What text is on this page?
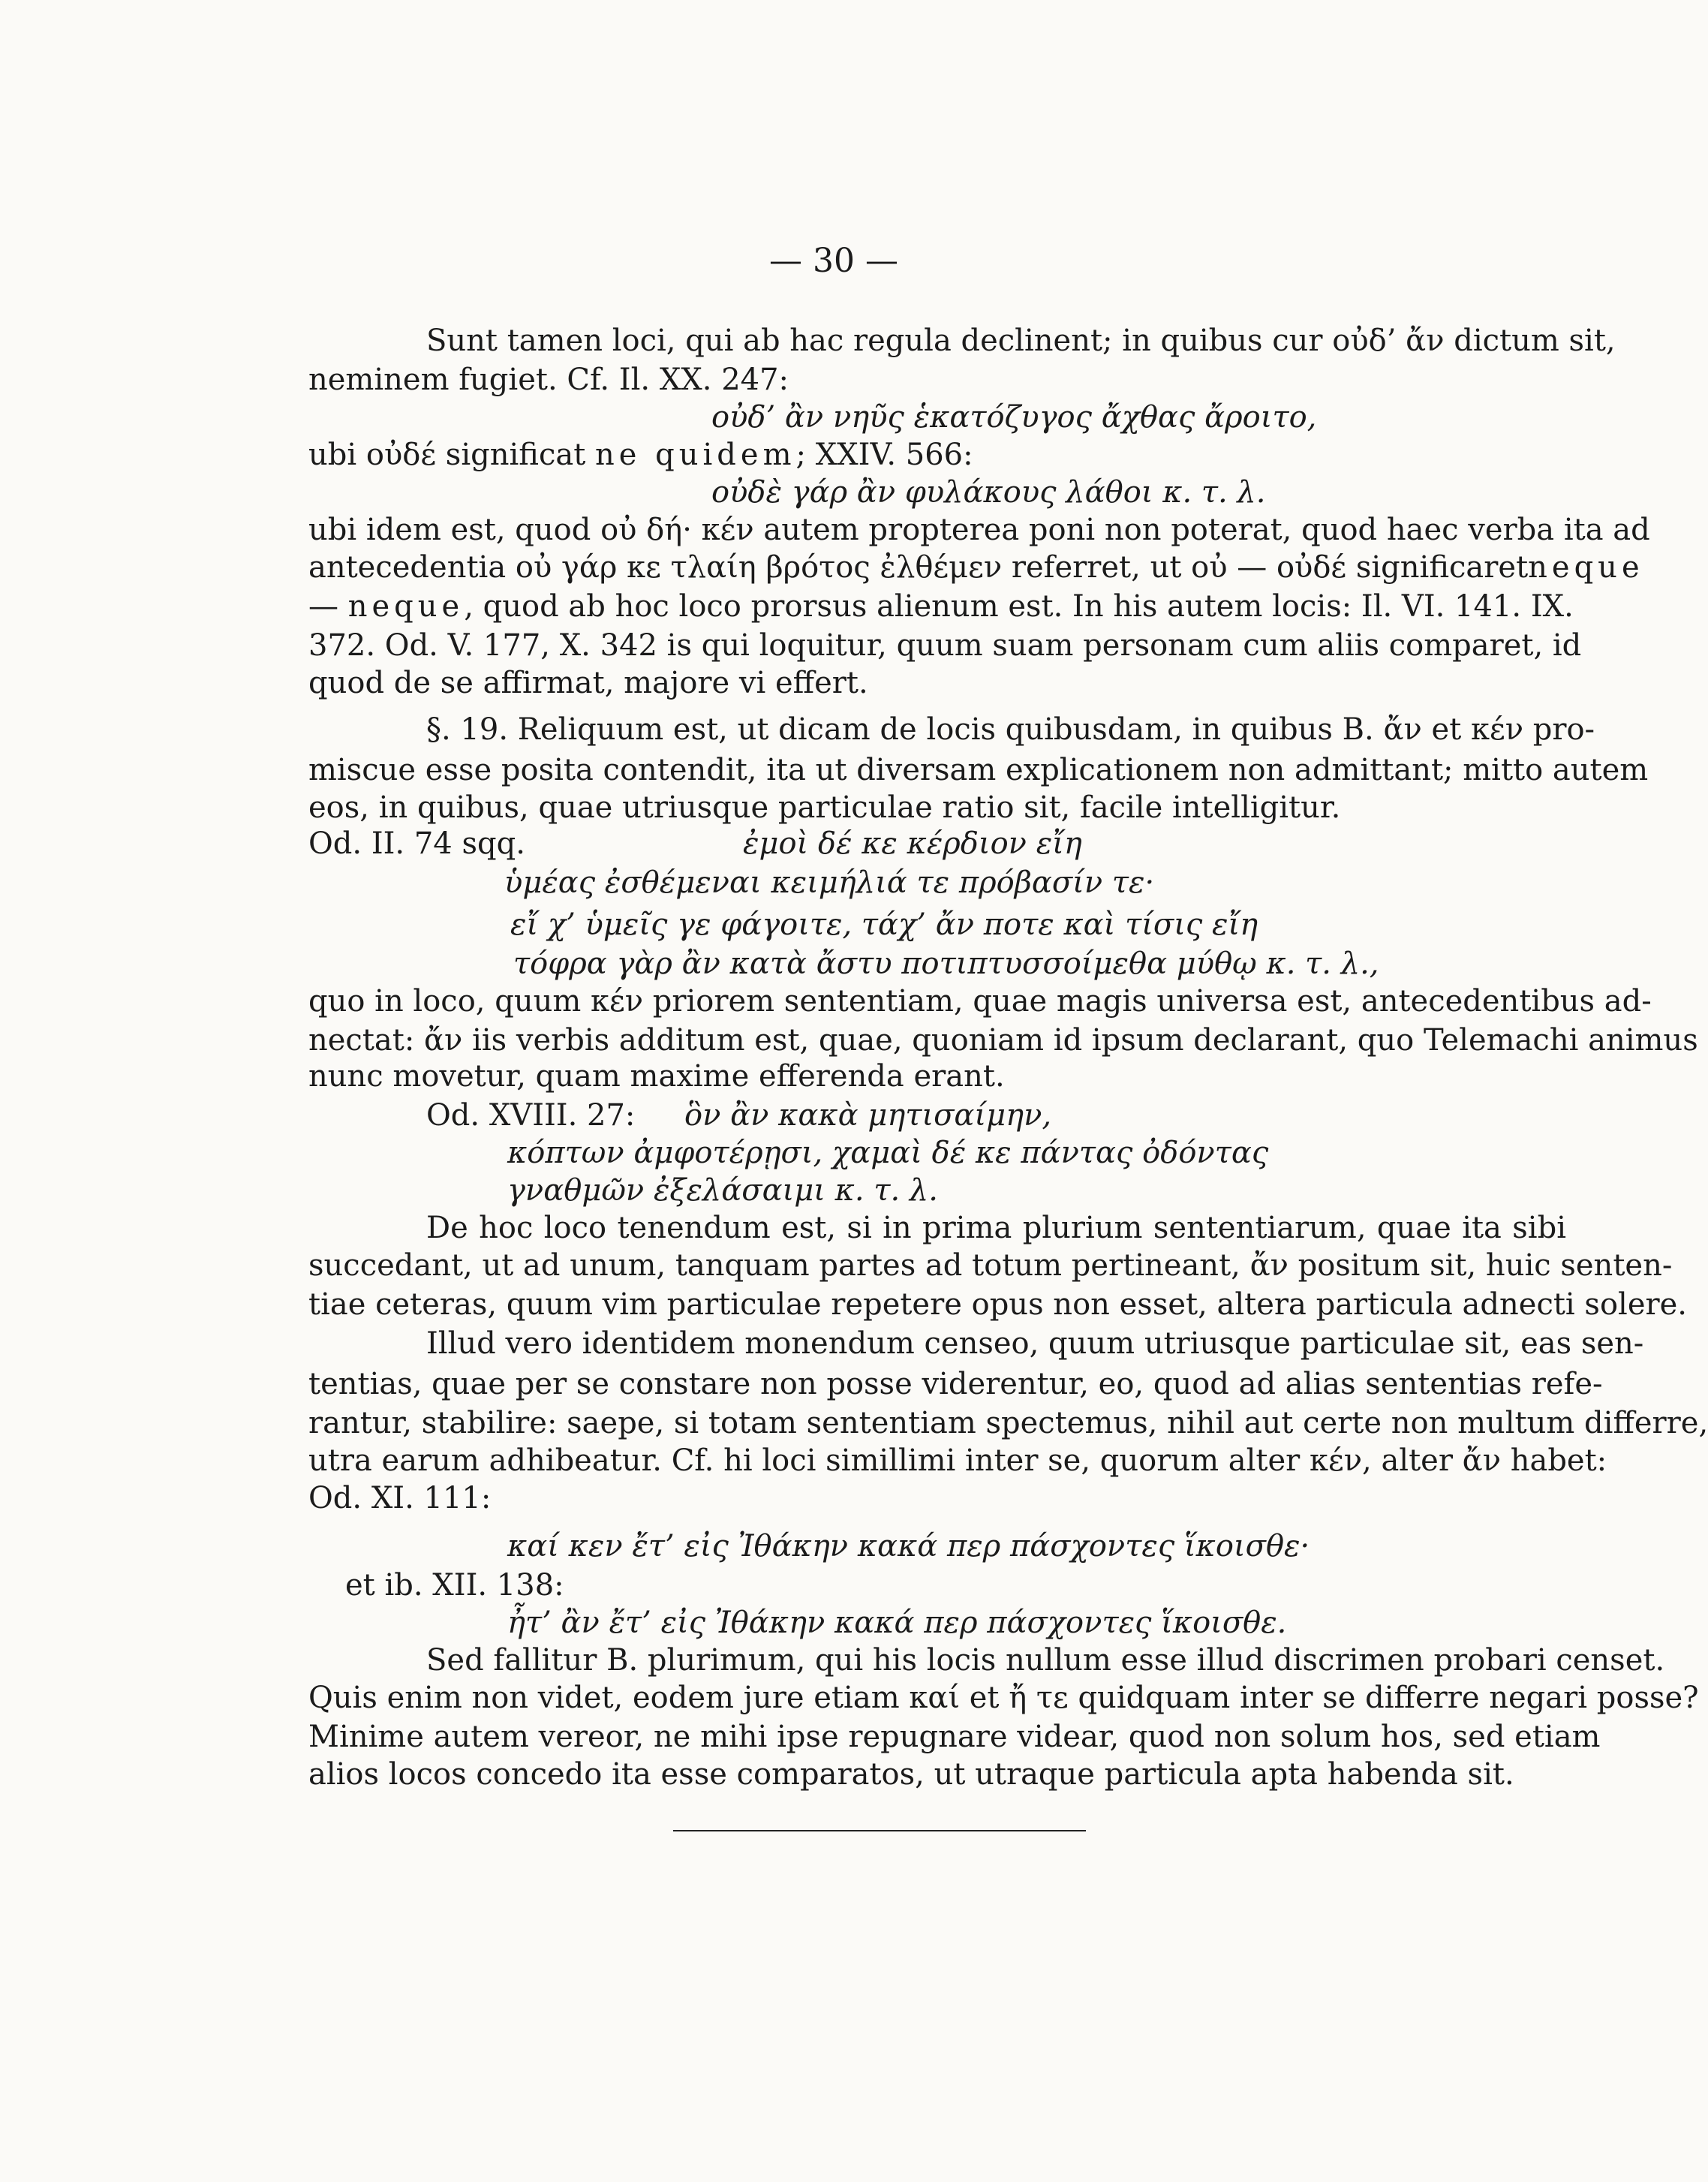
— 30 —
Sunt tamen loci, qui ab hac regula declinent; in quibus cur οὐδ’ ἄν dictum sit,
neminem fugiet. Cf. Il. XX. 247:
οὐδ’ ἂν νηῦς ἑκατόζυγος ἄχθας ἄροιτο,
ubi οὐδέ significat ne quidem; XXIV. 566:
οὐδὲ γάρ ἂν φυλάκους λάθοι κ. τ. λ.
ubi idem est, quod οὐ δή· κέν autem propterea poni non poterat, quod haec verba ita ad
antecedentia οὐ γάρ κε τλαίη βρότος ἐλθέμεν referret, ut οὐ — οὐδέ significaret neque
— neque, quod ab hoc loco prorsus alienum est. In his autem locis: Il. VI. 141. IX.
372. Od. V. 177, X. 342 is qui loquitur, quum suam personam cum aliis comparet, id
quod de se affirmat, majore vi effert.
§. 19. Reliquum est, ut dicam de locis quibusdam, in quibus B. ἄν et κέν pro-
miscue esse posita contendit, ita ut diversam explicationem non admittant; mitto autem
eos, in quibus, quae utriusque particulae ratio sit, facile intelligitur.
Od. II. 74 sqq.	ἐμοὶ δέ κε κέρδιον εἴη
ὑμέας ἐσθέμεναι κειμήλιά τε πρόβασίν τε·
εἴ χ’ ὑμεῖς γε φάγοιτε, τάχ’ ἄν ποτε καὶ τίσις εἴη
τόφρα γὰρ ἂν κατὰ ἄστυ ποτιπτυσσοίμεθα μύθῳ κ. τ. λ.,
quo in loco, quum κέν priorem sententiam, quae magis universa est, antecedentibus ad-
nectat: ἄν iis verbis additum est, quae, quoniam id ipsum declarant, quo Telemachi animus
nunc movetur, quam maxime efferenda erant.
Od. XVIII. 27: ὃν ἂν κακὰ μητισαίμην,
κόπτων ἀμφοτέρῃσι, χαμαὶ δέ κε πάντας ὀδόντας
γναθμῶν ἐξελάσαιμι κ. τ. λ.
De hoc loco tenendum est, si in prima plurium sententiarum, quae ita sibi
succedant, ut ad unum, tanquam partes ad totum pertineant, ἄν positum sit, huic senten-
tiae ceteras, quum vim particulae repetere opus non esset, altera particula adnecti solere.
Illud vero identidem monendum censeo, quum utriusque particulae sit, eas sen-
tentias, quae per se constare non posse viderentur, eo, quod ad alias sententias refe-
rantur, stabilire: saepe, si totam sententiam spectemus, nihil aut certe non multum differre,
utra earum adhibeatur. Cf. hi loci simillimi inter se, quorum alter κέν, alter ἄν habet:
Od. XI. 111:
καί κεν ἔτ’ εἰς Ἰθάκην κακά περ πάσχοντες ἵκοισθε·
et ib. XII. 138:
ἦτ’ ἂν ἔτ’ εἰς Ἰθάκην κακά περ πάσχοντες ἵκοισθε.
Sed fallitur B. plurimum, qui his locis nullum esse illud discrimen probari censet.
Quis enim non videt, eodem jure etiam καί et ἤ τε quidquam inter se differre negari posse?
Minime autem vereor, ne mihi ipse repugnare videar, quod non solum hos, sed etiam
alios locos concedo ita esse comparatos, ut utraque particula apta habenda sit.
